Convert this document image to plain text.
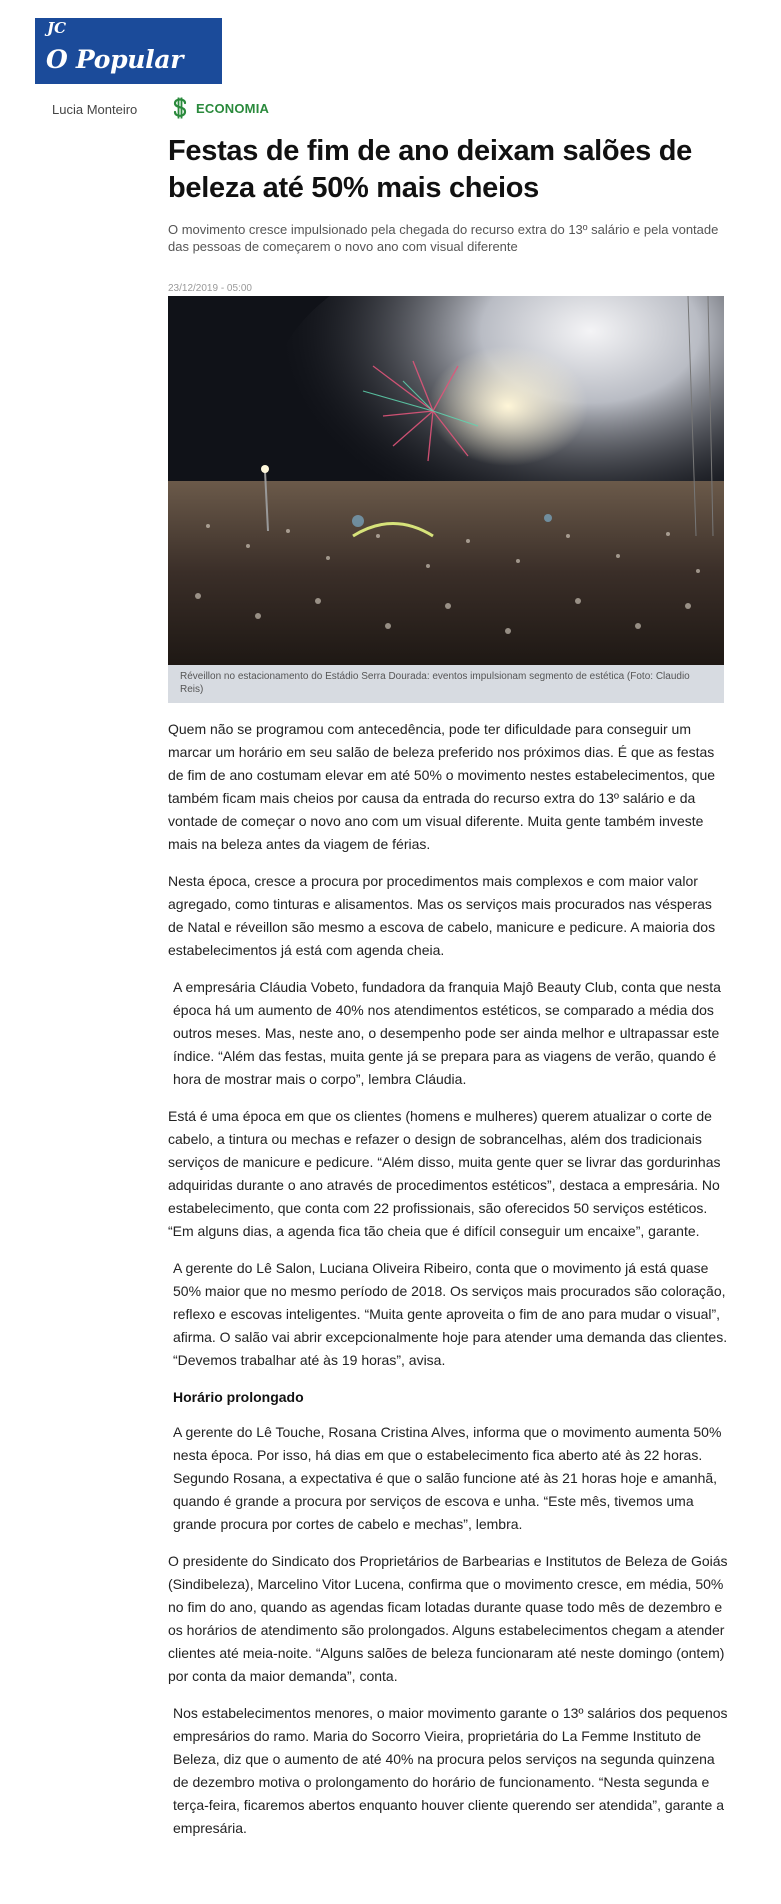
JC
O Popular
Lucia Monteiro	ECONOMIA
Festas de fim de ano deixam salões de beleza até 50% mais cheios

O movimento cresce impulsionado pela chegada do recurso extra do 13º salário e pela vontade das pessoas de começarem o novo ano com visual diferente

23/12/2019 - 05:00
Réveillon no estacionamento do Estádio Serra Dourada: eventos impulsionam segmento de estética (Foto: Claudio Reis)

Quem não se programou com antecedência, pode ter dificuldade para conseguir um marcar um horário em seu salão de beleza preferido nos próximos dias. É que as festas de fim de ano costumam elevar em até 50% o movimento nestes estabelecimentos, que também ficam mais cheios por causa da entrada do recurso extra do 13º salário e da vontade de começar o novo ano com um visual diferente. Muita gente também investe mais na beleza antes da viagem de férias.

Nesta época, cresce a procura por procedimentos mais complexos e com maior valor agregado, como tinturas e alisamentos. Mas os serviços mais procurados nas vésperas de Natal e réveillon são mesmo a escova de cabelo, manicure e pedicure. A maioria dos estabelecimentos já está com agenda cheia.

A empresária Cláudia Vobeto, fundadora da franquia Majô Beauty Club, conta que nesta época há um aumento de 40% nos atendimentos estéticos, se comparado a média dos outros meses. Mas, neste ano, o desempenho pode ser ainda melhor e ultrapassar este índice. “Além das festas, muita gente já se prepara para as viagens de verão, quando é hora de mostrar mais o corpo”, lembra Cláudia.

Está é uma época em que os clientes (homens e mulheres) querem atualizar o corte de cabelo, a tintura ou mechas e refazer o design de sobrancelhas, além dos tradicionais serviços de manicure e pedicure. “Além disso, muita gente quer se livrar das gordurinhas adquiridas durante o ano através de procedimentos estéticos”, destaca a empresária. No estabelecimento, que conta com 22 profissionais, são oferecidos 50 serviços estéticos. “Em alguns dias, a agenda fica tão cheia que é difícil conseguir um encaixe”, garante.

A gerente do Lê Salon, Luciana Oliveira Ribeiro, conta que o movimento já está quase 50% maior que no mesmo período de 2018. Os serviços mais procurados são coloração, reflexo e escovas inteligentes. “Muita gente aproveita o fim de ano para mudar o visual”, afirma. O salão vai abrir excepcionalmente hoje para atender uma demanda das clientes. “Devemos trabalhar até às 19 horas”, avisa.

Horário prolongado

A gerente do Lê Touche, Rosana Cristina Alves, informa que o movimento aumenta 50% nesta época. Por isso, há dias em que o estabelecimento fica aberto até às 22 horas. Segundo Rosana, a expectativa é que o salão funcione até às 21 horas hoje e amanhã, quando é grande a procura por serviços de escova e unha. “Este mês, tivemos uma grande procura por cortes de cabelo e mechas”, lembra.

O presidente do Sindicato dos Proprietários de Barbearias e Institutos de Beleza de Goiás (Sindibeleza), Marcelino Vitor Lucena, confirma que o movimento cresce, em média, 50% no fim do ano, quando as agendas ficam lotadas durante quase todo mês de dezembro e os horários de atendimento são prolongados. Alguns estabelecimentos chegam a atender clientes até meia-noite. “Alguns salões de beleza funcionaram até neste domingo (ontem) por conta da maior demanda”, conta.

Nos estabelecimentos menores, o maior movimento garante o 13º salários dos pequenos empresários do ramo. Maria do Socorro Vieira, proprietária do La Femme Instituto de Beleza, diz que o aumento de até 40% na procura pelos serviços na segunda quinzena de dezembro motiva o prolongamento do horário de funcionamento. “Nesta segunda e terça-feira, ficaremos abertos enquanto houver cliente querendo ser atendida”, garante a empresária.
